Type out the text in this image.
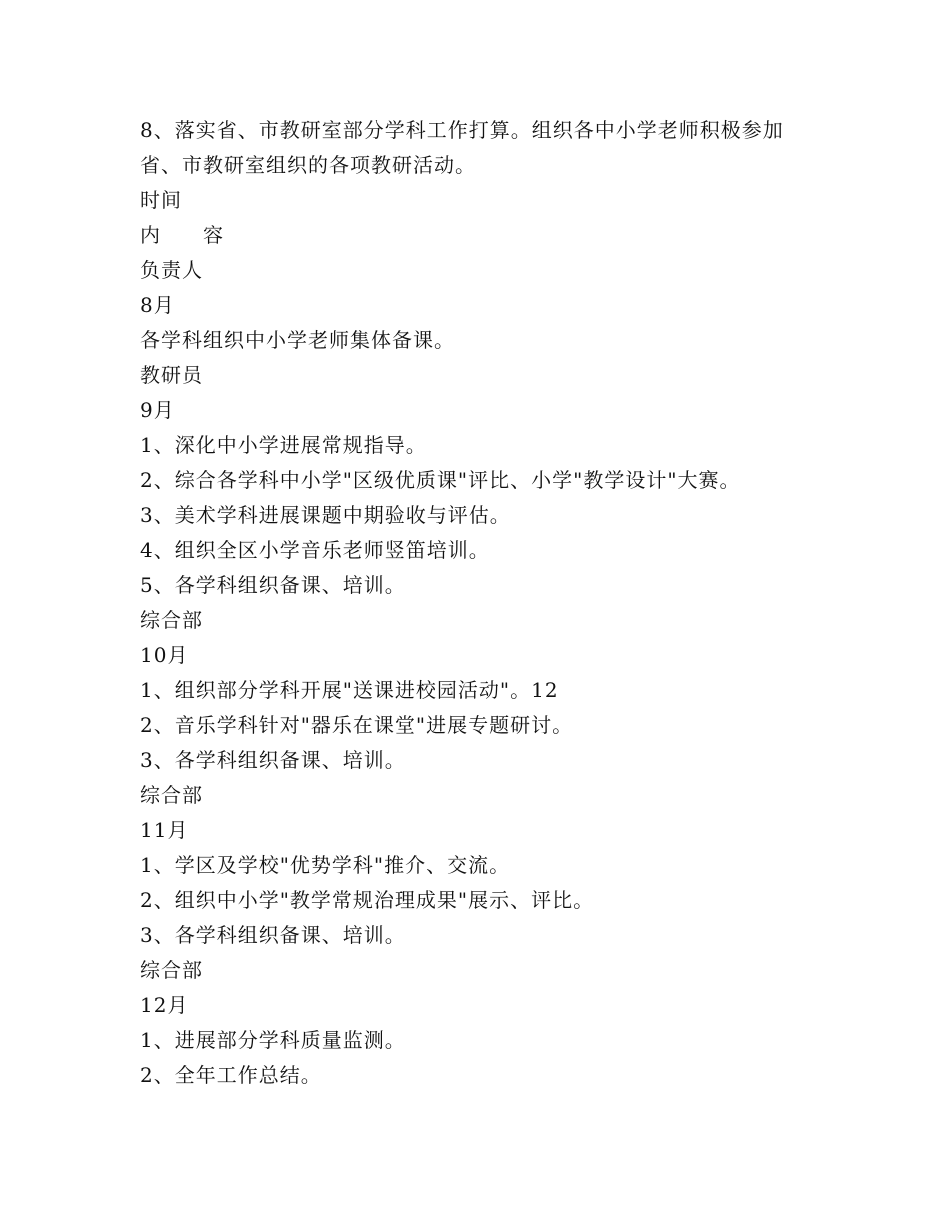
8、落实省、市教研室部分学科工作打算。组织各中小学老师积极参加
省、市教研室组织的各项教研活动。
时间
内　　容
负责人
8月
各学科组织中小学老师集体备课。
教研员
9月
1、深化中小学进展常规指导。
2、综合各学科中小学"区级优质课"评比、小学"教学设计"大赛。
3、美术学科进展课题中期验收与评估。
4、组织全区小学音乐老师竖笛培训。
5、各学科组织备课、培训。
综合部
10月
1、组织部分学科开展"送课进校园活动"。12
2、音乐学科针对"器乐在课堂"进展专题研讨。
3、各学科组织备课、培训。
综合部
11月
1、学区及学校"优势学科"推介、交流。
2、组织中小学"教学常规治理成果"展示、评比。
3、各学科组织备课、培训。
综合部
12月
1、进展部分学科质量监测。
2、全年工作总结。
